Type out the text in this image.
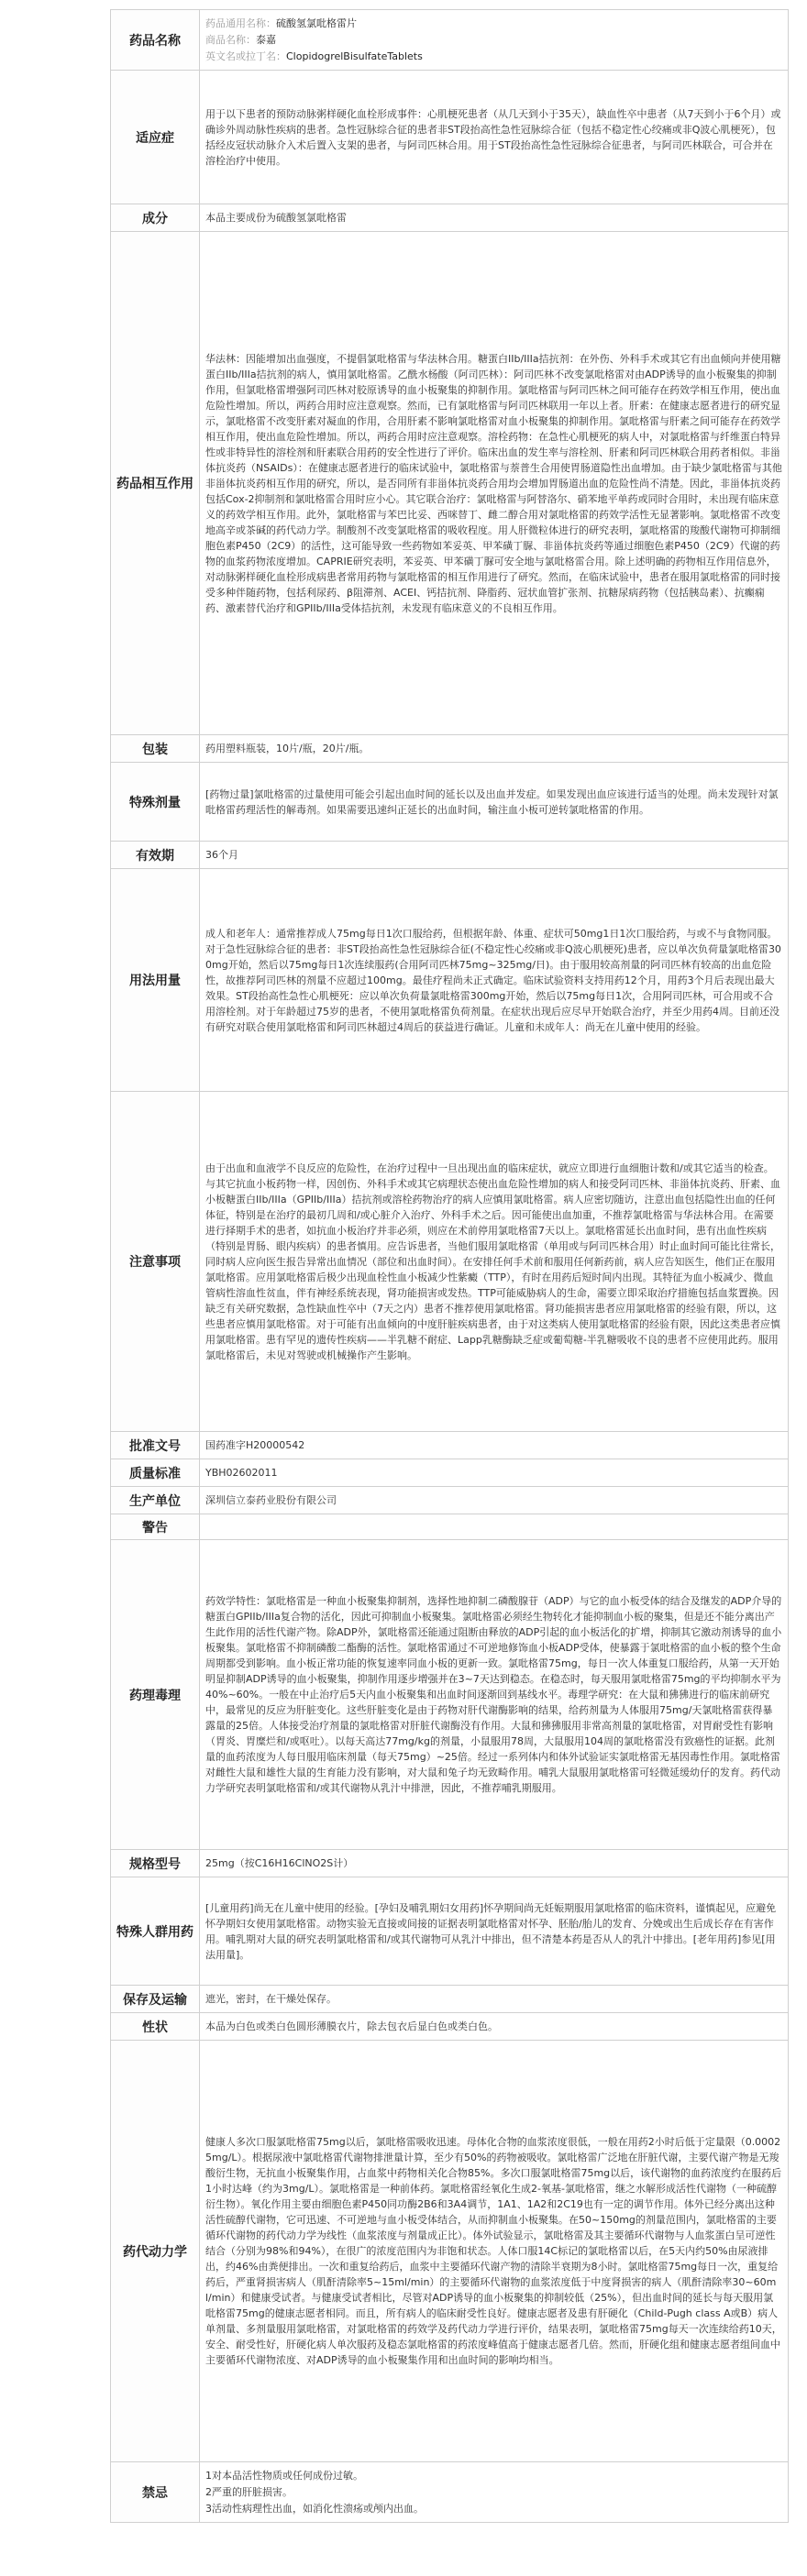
药品名称	药品通用名称：硫酸氢氯吡格雷片
商品名称：泰嘉
英文名或拉丁名：ClopidogrelBisulfateTablets

适应症	用于以下患者的预防动脉粥样硬化血栓形成事件：心肌梗死患者（从几天到小于35天），缺血性卒中患者（从7天到小于6个月）或确诊外周动脉性疾病的患者。急性冠脉综合征的患者非ST段抬高性急性冠脉综合征（包括不稳定性心绞痛或非Q波心肌梗死），包括经皮冠状动脉介入术后置入支架的患者，与阿司匹林合用。用于ST段抬高性急性冠脉综合征患者，与阿司匹林联合，可合并在溶栓治疗中使用。
成分	本品主要成份为硫酸氢氯吡格雷
药品相互作用	华法林：因能增加出血强度，不提倡氯吡格雷与华法林合用。糖蛋白IIb/IIIa拮抗剂：在外伤、外科手术或其它有出血倾向并使用糖蛋白IIb/IIIa拮抗剂的病人，慎用氯吡格雷。乙酰水杨酸（阿司匹林）：阿司匹林不改变氯吡格雷对由ADP诱导的血小板聚集的抑制作用，但氯吡格雷增强阿司匹林对胶原诱导的血小板聚集的抑制作用。氯吡格雷与阿司匹林之间可能存在药效学相互作用，使出血危险性增加。所以，两药合用时应注意观察。然而，已有氯吡格雷与阿司匹林联用一年以上者。肝素：在健康志愿者进行的研究显示，氯吡格雷不改变肝素对凝血的作用，合用肝素不影响氯吡格雷对血小板聚集的抑制作用。氯吡格雷与肝素之间可能存在药效学相互作用，使出血危险性增加。所以，两药合用时应注意观察。溶栓药物：在急性心肌梗死的病人中，对氯吡格雷与纤维蛋白特异性或非特异性的溶栓剂和肝素联合用药的安全性进行了评价。临床出血的发生率与溶栓剂、肝素和阿司匹林联合用药者相似。非甾体抗炎药（NSAIDs）：在健康志愿者进行的临床试验中，氯吡格雷与萘普生合用使胃肠道隐性出血增加。由于缺少氯吡格雷与其他非甾体抗炎药相互作用的研究，所以，是否同所有非甾体抗炎药合用均会增加胃肠道出血的危险性尚不清楚。因此，非甾体抗炎药包括Cox-2抑制剂和氯吡格雷合用时应小心。其它联合治疗：氯吡格雷与阿替洛尔、硝苯地平单药或同时合用时，未出现有临床意义的药效学相互作用。此外，氯吡格雷与苯巴比妥、西咪替丁、雌二醇合用对氯吡格雷的药效学活性无显著影响。氯吡格雷不改变地高辛或茶碱的药代动力学。制酸剂不改变氯吡格雷的吸收程度。用人肝微粒体进行的研究表明，氯吡格雷的羧酸代谢物可抑制细胞色素P450（2C9）的活性，这可能导致一些药物如苯妥英、甲苯磺丁脲、非甾体抗炎药等通过细胞色素P450（2C9）代谢的药物的血浆药物浓度增加。CAPRIE研究表明，苯妥英、甲苯磺丁脲可安全地与氯吡格雷合用。除上述明确的药物相互作用信息外，对动脉粥样硬化血栓形成病患者常用药物与氯吡格雷的相互作用进行了研究。然而，在临床试验中，患者在服用氯吡格雷的同时接受多种伴随药物，包括利尿药、β阻滞剂、ACEI、钙拮抗剂、降脂药、冠状血管扩张剂、抗糖尿病药物（包括胰岛素）、抗癫痫药、激素替代治疗和GPIIb/IIIa受体拮抗剂，未发现有临床意义的不良相互作用。
包装	药用塑料瓶装，10片/瓶，20片/瓶。
特殊剂量	[药物过量]氯吡格雷的过量使用可能会引起出血时间的延长以及出血并发症。如果发现出血应该进行适当的处理。尚未发现针对氯吡格雷药理活性的解毒剂。如果需要迅速纠正延长的出血时间，输注血小板可逆转氯吡格雷的作用。
有效期	36个月
用法用量	成人和老年人：通常推荐成人75mg每日1次口服给药，但根据年龄、体重、症状可50mg1日1次口服给药，与或不与食物同服。对于急性冠脉综合征的患者：非ST段抬高性急性冠脉综合征(不稳定性心绞痛或非Q波心肌梗死)患者，应以单次负荷量氯吡格雷300mg开始，然后以75mg每日1次连续服药(合用阿司匹林75mg~325mg/日)。由于服用较高剂量的阿司匹林有较高的出血危险性，故推荐阿司匹林的剂量不应超过100mg。最佳疗程尚未正式确定。临床试验资料支持用药12个月，用药3个月后表现出最大效果。ST段抬高性急性心肌梗死：应以单次负荷量氯吡格雷300mg开始，然后以75mg每日1次，合用阿司匹林，可合用或不合用溶栓剂。对于年龄超过75岁的患者，不使用氯吡格雷负荷剂量。在症状出现后应尽早开始联合治疗，并至少用药4周。目前还没有研究对联合使用氯吡格雷和阿司匹林超过4周后的获益进行确证。儿童和未成年人：尚无在儿童中使用的经验。
注意事项	由于出血和血液学不良反应的危险性，在治疗过程中一旦出现出血的临床症状，就应立即进行血细胞计数和/或其它适当的检查。与其它抗血小板药物一样，因创伤、外科手术或其它病理状态使出血危险性增加的病人和接受阿司匹林、非甾体抗炎药、肝素、血小板糖蛋白IIb/IIIa（GPIIb/IIIa）拮抗剂或溶栓药物治疗的病人应慎用氯吡格雷。病人应密切随访，注意出血包括隐性出血的任何体征，特别是在治疗的最初几周和/或心脏介入治疗、外科手术之后。因可能使出血加重，不推荐氯吡格雷与华法林合用。在需要进行择期手术的患者，如抗血小板治疗并非必须，则应在术前停用氯吡格雷7天以上。氯吡格雷延长出血时间，患有出血性疾病（特别是胃肠、眼内疾病）的患者慎用。应告诉患者，当他们服用氯吡格雷（单用或与阿司匹林合用）时止血时间可能比往常长，同时病人应向医生报告异常出血情况（部位和出血时间）。在安排任何手术前和服用任何新药前，病人应告知医生，他们正在服用氯吡格雷。应用氯吡格雷后极少出现血栓性血小板减少性紫癜（TTP），有时在用药后短时间内出现。其特征为血小板减少、微血管病性溶血性贫血，伴有神经系统表现，肾功能损害或发热。TTP可能威胁病人的生命，需要立即采取治疗措施包括血浆置换。因缺乏有关研究数据，急性缺血性卒中（7天之内）患者不推荐使用氯吡格雷。肾功能损害患者应用氯吡格雷的经验有限，所以，这些患者应慎用氯吡格雷。对于可能有出血倾向的中度肝脏疾病患者，由于对这类病人使用氯吡格雷的经验有限，因此这类患者应慎用氯吡格雷。患有罕见的遗传性疾病——半乳糖不耐症、Lapp乳糖酶缺乏症或葡萄糖-半乳糖吸收不良的患者不应使用此药。服用氯吡格雷后，未见对驾驶或机械操作产生影响。
批准文号	国药准字H20000542
质量标准	YBH02602011
生产单位	深圳信立泰药业股份有限公司
警告	
药理毒理	药效学特性：氯吡格雷是一种血小板聚集抑制剂，选择性地抑制二磷酸腺苷（ADP）与它的血小板受体的结合及继发的ADP介导的糖蛋白GPIIb/IIIa复合物的活化，因此可抑制血小板聚集。氯吡格雷必须经生物转化才能抑制血小板的聚集，但是还不能分离出产生此作用的活性代谢产物。除ADP外，氯吡格雷还能通过阻断由释放的ADP引起的血小板活化的扩增，抑制其它激动剂诱导的血小板聚集。氯吡格雷不抑制磷酸二酯酶的活性。氯吡格雷通过不可逆地修饰血小板ADP受体，使暴露于氯吡格雷的血小板的整个生命周期都受到影响。血小板正常功能的恢复速率同血小板的更新一致。氯吡格雷75mg，每日一次人体重复口服给药，从第一天开始明显抑制ADP诱导的血小板聚集，抑制作用逐步增强并在3~7天达到稳态。在稳态时，每天服用氯吡格雷75mg的平均抑制水平为40%~60%。一般在中止治疗后5天内血小板聚集和出血时间逐渐回到基线水平。毒理学研究：在大鼠和狒狒进行的临床前研究中，最常见的反应为肝脏变化。这些肝脏变化是由于药物对肝代谢酶影响的结果，给药剂量为人体服用75mg/天氯吡格雷获得暴露量的25倍。人体接受治疗剂量的氯吡格雷对肝脏代谢酶没有作用。大鼠和狒狒服用非常高剂量的氯吡格雷，对胃耐受性有影响（胃炎、胃糜烂和/或呕吐）。以每天高达77mg/kg的剂量，小鼠服用78周，大鼠服用104周的氯吡格雷没有致癌性的证据。此剂量的血药浓度为人每日服用临床剂量（每天75mg）~25倍。经过一系列体内和体外试验证实氯吡格雷无基因毒性作用。氯吡格雷对雌性大鼠和雄性大鼠的生育能力没有影响，对大鼠和兔子均无致畸作用。哺乳大鼠服用氯吡格雷可轻微延缓幼仔的发育。药代动力学研究表明氯吡格雷和/或其代谢物从乳汁中排泄，因此，不推荐哺乳期服用。
规格型号	25mg（按C16H16ClNO2S计）
特殊人群用药	[儿童用药]尚无在儿童中使用的经验。[孕妇及哺乳期妇女用药]怀孕期间尚无妊娠期服用氯吡格雷的临床资料，谨慎起见，应避免怀孕期妇女使用氯吡格雷。动物实验无直接或间接的证据表明氯吡格雷对怀孕、胚胎/胎儿的发育、分娩或出生后成长存在有害作用。哺乳期对大鼠的研究表明氯吡格雷和/或其代谢物可从乳汁中排出，但不清楚本药是否从人的乳汁中排出。[老年用药]参见[用法用量]。
保存及运输	遮光，密封，在干燥处保存。
性状	本品为白色或类白色圆形薄膜衣片，除去包衣后显白色或类白色。
药代动力学	健康人多次口服氯吡格雷75mg以后，氯吡格雷吸收迅速。母体化合物的血浆浓度很低，一般在用药2小时后低于定量限（0.00025mg/L）。根据尿液中氯吡格雷代谢物排泄量计算，至少有50%的药物被吸收。氯吡格雷广泛地在肝脏代谢，主要代谢产物是无羧酸衍生物，无抗血小板聚集作用，占血浆中药物相关化合物85%。多次口服氯吡格雷75mg以后，该代谢物的血药浓度约在服药后1小时达峰（约为3mg/L）。氯吡格雷是一种前体药。氯吡格雷经氧化生成2-氧基-氯吡格雷，继之水解形成活性代谢物（一种硫醇衍生物）。氧化作用主要由细胞色素P450同功酶2B6和3A4调节，1A1、1A2和2C19也有一定的调节作用。体外已经分离出这种活性硫醇代谢物，它可迅速、不可逆地与血小板受体结合，从而抑制血小板聚集。在50~150mg的剂量范围内，氯吡格雷的主要循环代谢物的药代动力学为线性（血浆浓度与剂量成正比）。体外试验显示，氯吡格雷及其主要循环代谢物与人血浆蛋白呈可逆性结合（分别为98%和94%），在很广的浓度范围内为非饱和状态。人体口服14C标记的氯吡格雷以后，在5天内约50%由尿液排出，约46%由粪便排出。一次和重复给药后，血浆中主要循环代谢产物的清除半衰期为8小时。氯吡格雷75mg每日一次，重复给药后，严重肾损害病人（肌酐清除率5~15ml/min）的主要循环代谢物的血浆浓度低于中度肾损害的病人（肌酐清除率30~60ml/min）和健康受试者。与健康受试者相比，尽管对ADP诱导的血小板聚集的抑制较低（25%），但出血时间的延长与每天服用氯吡格雷75mg的健康志愿者相同。而且，所有病人的临床耐受性良好。健康志愿者及患有肝硬化（Child-Pugh class A或B）病人单剂量、多剂量服用氯吡格雷，对氯吡格雷的药效学及药代动力学进行评价，结果表明，氯吡格雷75mg每天一次连续给药10天，安全、耐受性好，肝硬化病人单次服药及稳态氯吡格雷的药浓度峰值高于健康志愿者几倍。然而，肝硬化组和健康志愿者组间血中主要循环代谢物浓度、对ADP诱导的血小板聚集作用和出血时间的影响均相当。
禁忌	1对本品活性物质或任何成份过敏。
2严重的肝脏损害。
3活动性病理性出血，如消化性溃疡或颅内出血。
